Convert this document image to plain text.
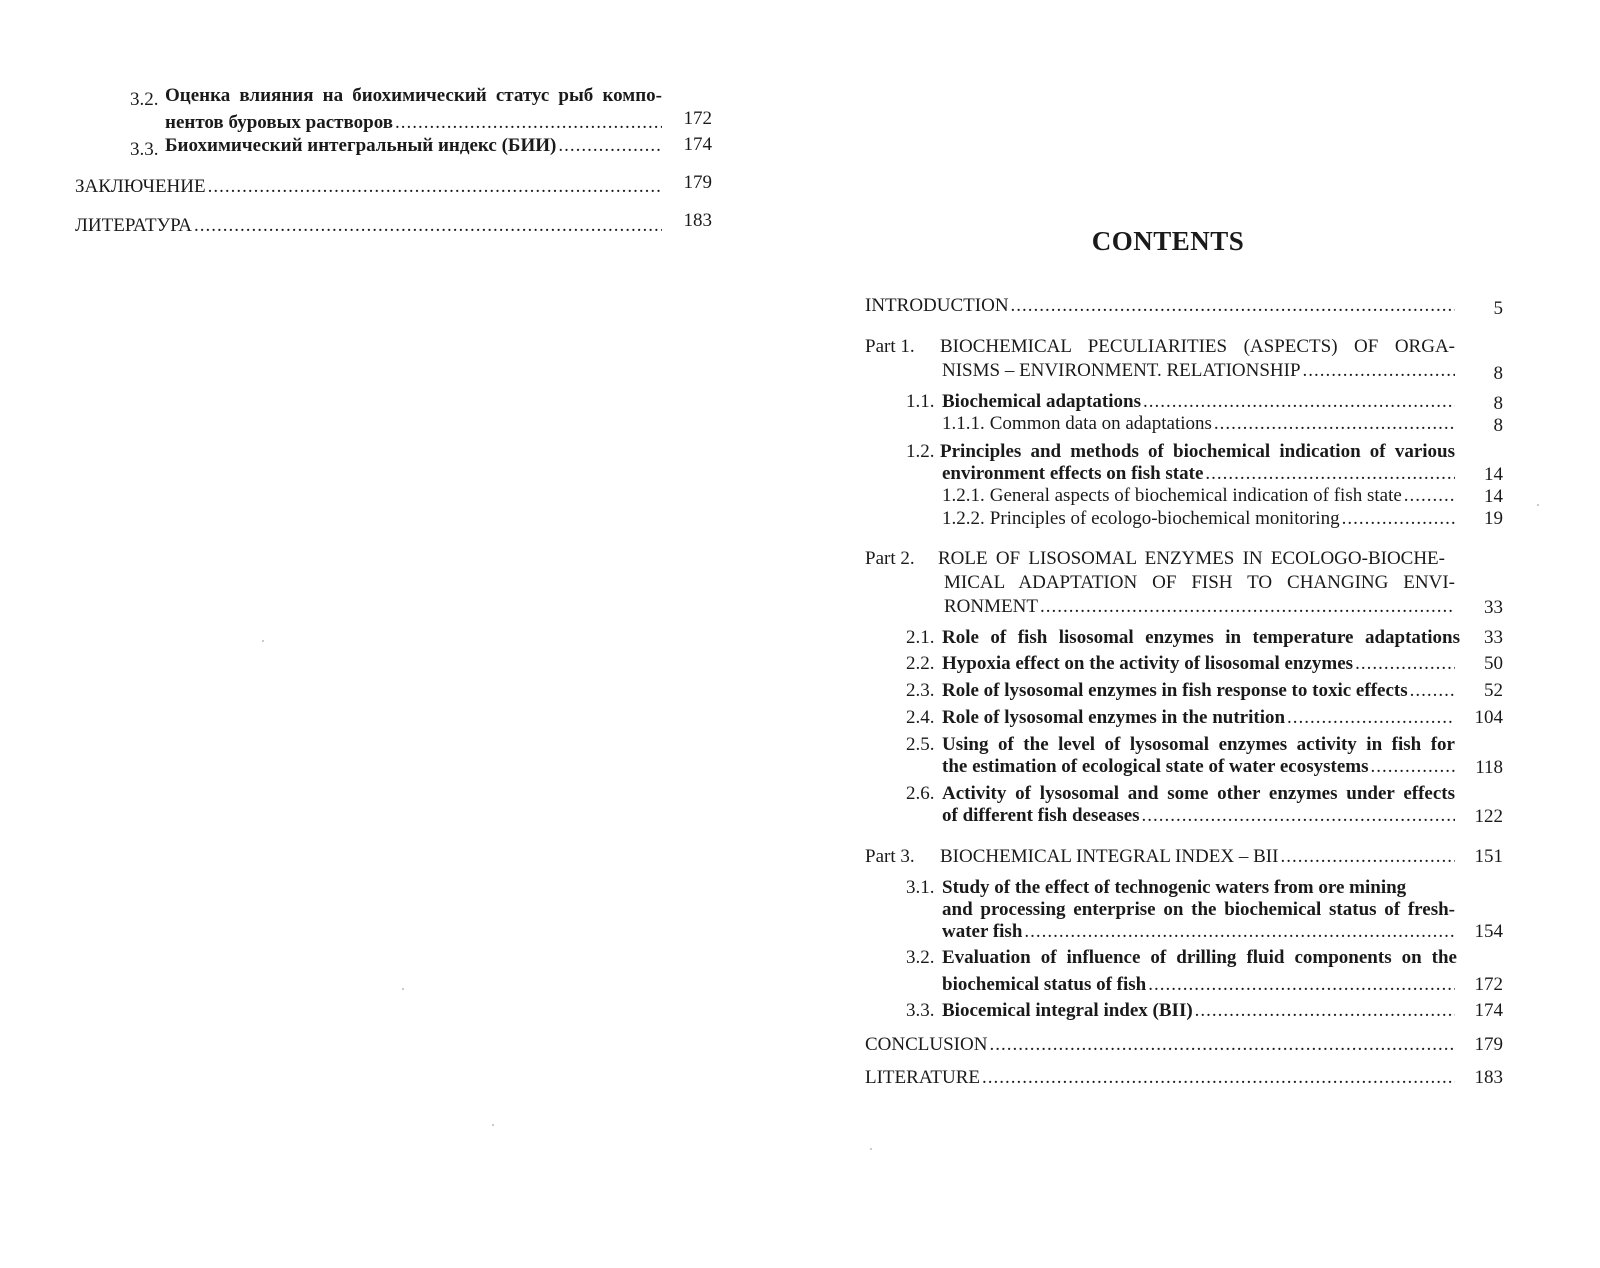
3.2. Оценка влияния на биохимический статус рыб компо-
нентов буровых растворов .....	172
3.3. Биохимический интегральный индекс (БИИ) .....	174
ЗАКЛЮЧЕНИЕ .....	179
ЛИТЕРАТУРА .....	183
CONTENTS
INTRODUCTION .....	5
Part 1. BIOCHEMICAL PECULIARITIES (ASPECTS) OF ORGA-
NISMS – ENVIRONMENT. RELATIONSHIP .....	8
1.1. Biochemical adaptations .....	8
1.1.1. Common data on adaptations .....	8
1.2. Principles and methods of biochemical indication of various
environment effects on fish state .....	14
1.2.1. General aspects of biochemical indication of fish state .....	14
1.2.2. Principles of ecologo-biochemical monitoring .....	19
Part 2. ROLE OF LISOSOMAL ENZYMES IN ECOLOGO-BIOCHE-
MICAL ADAPTATION OF FISH TO CHANGING ENVI-
RONMENT .....	33
2.1. Role of fish lisosomal enzymes in temperature adaptations	33
2.2. Hypoxia effect on the activity of lisosomal enzymes .....	50
2.3. Role of lysosomal enzymes in fish response to toxic effects .....	52
2.4. Role of lysosomal enzymes in the nutrition .....	104
2.5. Using of the level of lysosomal enzymes activity in fish for
the estimation of ecological state of water ecosystems .....	118
2.6. Activity of lysosomal and some other enzymes under effects
of different fish deseases .....	122
Part 3. BIOCHEMICAL INTEGRAL INDEX – BII .....	151
3.1. Study of the effect of technogenic waters from ore mining
and processing enterprise on the biochemical status of fresh-
water fish .....	154
3.2. Evaluation of influence of drilling fluid components on the
biochemical status of fish .....	172
3.3. Biocemical integral index (BII) .....	174
CONCLUSION .....	179
LITERATURE .....	183
